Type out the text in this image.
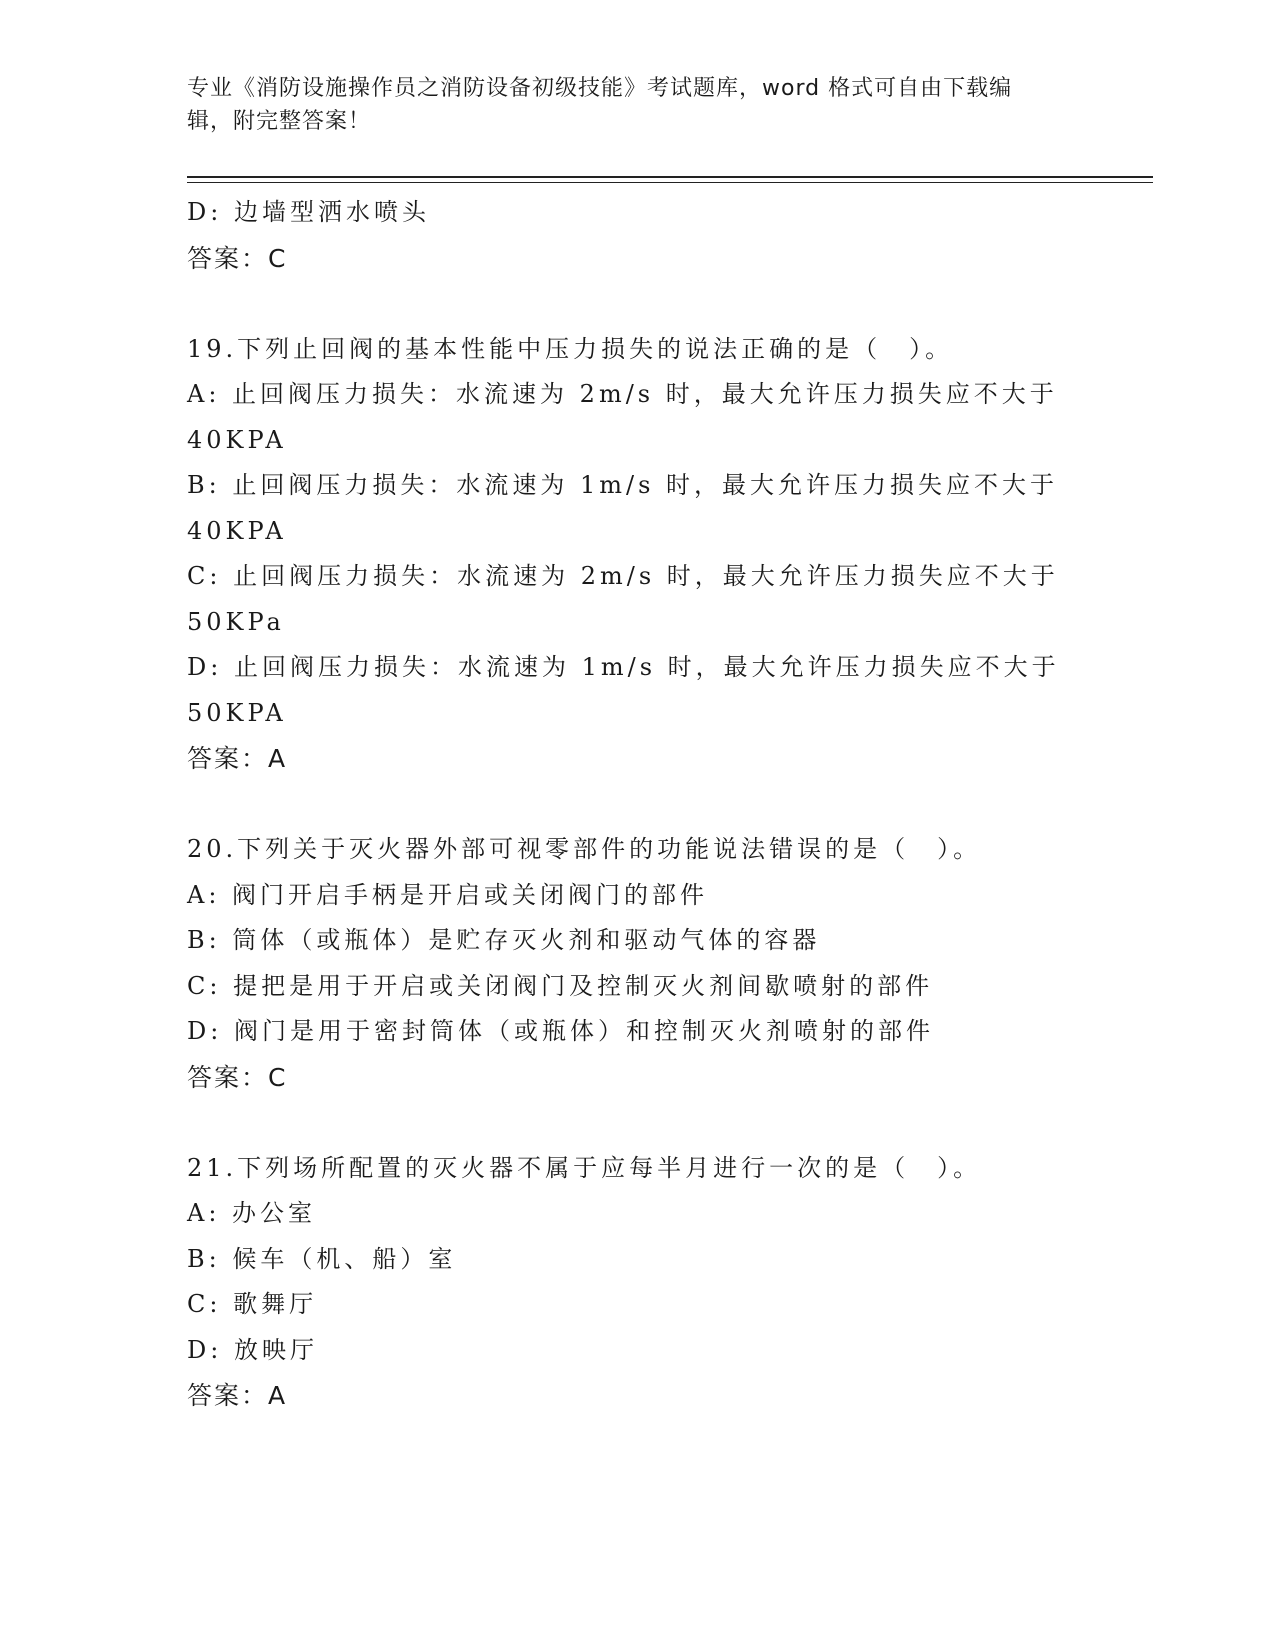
专业《消防设施操作员之消防设备初级技能》考试题库，word 格式可自由下载编
辑，附完整答案！
D: 边墙型洒水喷头
答案：C
19.下列止回阀的基本性能中压力损失的说法正确的是（　）。
A: 止回阀压力损失：水流速为 2m/s 时，最大允许压力损失应不大于
40KPA
B: 止回阀压力损失：水流速为 1m/s 时，最大允许压力损失应不大于
40KPA
C: 止回阀压力损失：水流速为 2m/s 时，最大允许压力损失应不大于
50KPa
D: 止回阀压力损失：水流速为 1m/s 时，最大允许压力损失应不大于
50KPA
答案：A
20.下列关于灭火器外部可视零部件的功能说法错误的是（　）。
A: 阀门开启手柄是开启或关闭阀门的部件
B: 筒体（或瓶体）是贮存灭火剂和驱动气体的容器
C: 提把是用于开启或关闭阀门及控制灭火剂间歇喷射的部件
D: 阀门是用于密封筒体（或瓶体）和控制灭火剂喷射的部件
答案：C
21.下列场所配置的灭火器不属于应每半月进行一次的是（　）。
A: 办公室
B: 候车（机、船）室
C: 歌舞厅
D: 放映厅
答案：A
